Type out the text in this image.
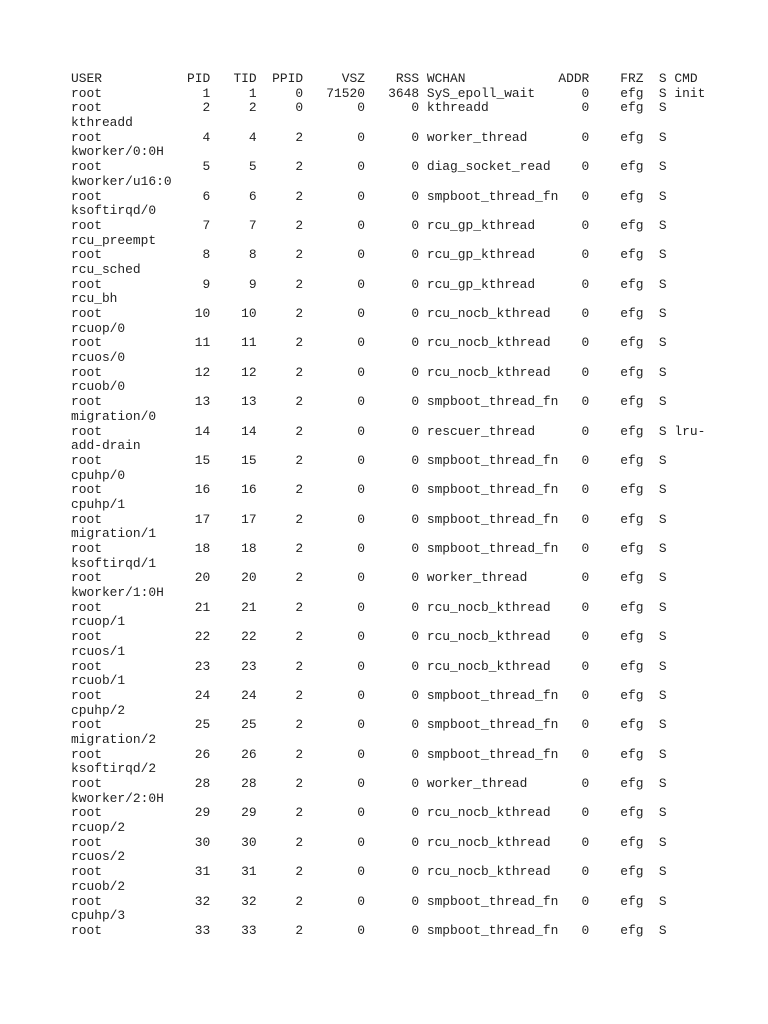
USER           PID   TID  PPID     VSZ    RSS WCHAN            ADDR    FRZ  S CMD
root             1     1     0   71520   3648 SyS_epoll_wait      0    efg  S init
root             2     2     0       0      0 kthreadd            0    efg  S
kthreadd
root             4     4     2       0      0 worker_thread       0    efg  S
kworker/0:0H
root             5     5     2       0      0 diag_socket_read    0    efg  S
kworker/u16:0
root             6     6     2       0      0 smpboot_thread_fn   0    efg  S
ksoftirqd/0
root             7     7     2       0      0 rcu_gp_kthread      0    efg  S
rcu_preempt
root             8     8     2       0      0 rcu_gp_kthread      0    efg  S
rcu_sched
root             9     9     2       0      0 rcu_gp_kthread      0    efg  S
rcu_bh
root            10    10     2       0      0 rcu_nocb_kthread    0    efg  S
rcuop/0
root            11    11     2       0      0 rcu_nocb_kthread    0    efg  S
rcuos/0
root            12    12     2       0      0 rcu_nocb_kthread    0    efg  S
rcuob/0
root            13    13     2       0      0 smpboot_thread_fn   0    efg  S
migration/0
root            14    14     2       0      0 rescuer_thread      0    efg  S lru-
add-drain
root            15    15     2       0      0 smpboot_thread_fn   0    efg  S
cpuhp/0
root            16    16     2       0      0 smpboot_thread_fn   0    efg  S
cpuhp/1
root            17    17     2       0      0 smpboot_thread_fn   0    efg  S
migration/1
root            18    18     2       0      0 smpboot_thread_fn   0    efg  S
ksoftirqd/1
root            20    20     2       0      0 worker_thread       0    efg  S
kworker/1:0H
root            21    21     2       0      0 rcu_nocb_kthread    0    efg  S
rcuop/1
root            22    22     2       0      0 rcu_nocb_kthread    0    efg  S
rcuos/1
root            23    23     2       0      0 rcu_nocb_kthread    0    efg  S
rcuob/1
root            24    24     2       0      0 smpboot_thread_fn   0    efg  S
cpuhp/2
root            25    25     2       0      0 smpboot_thread_fn   0    efg  S
migration/2
root            26    26     2       0      0 smpboot_thread_fn   0    efg  S
ksoftirqd/2
root            28    28     2       0      0 worker_thread       0    efg  S
kworker/2:0H
root            29    29     2       0      0 rcu_nocb_kthread    0    efg  S
rcuop/2
root            30    30     2       0      0 rcu_nocb_kthread    0    efg  S
rcuos/2
root            31    31     2       0      0 rcu_nocb_kthread    0    efg  S
rcuob/2
root            32    32     2       0      0 smpboot_thread_fn   0    efg  S
cpuhp/3
root            33    33     2       0      0 smpboot_thread_fn   0    efg  S
